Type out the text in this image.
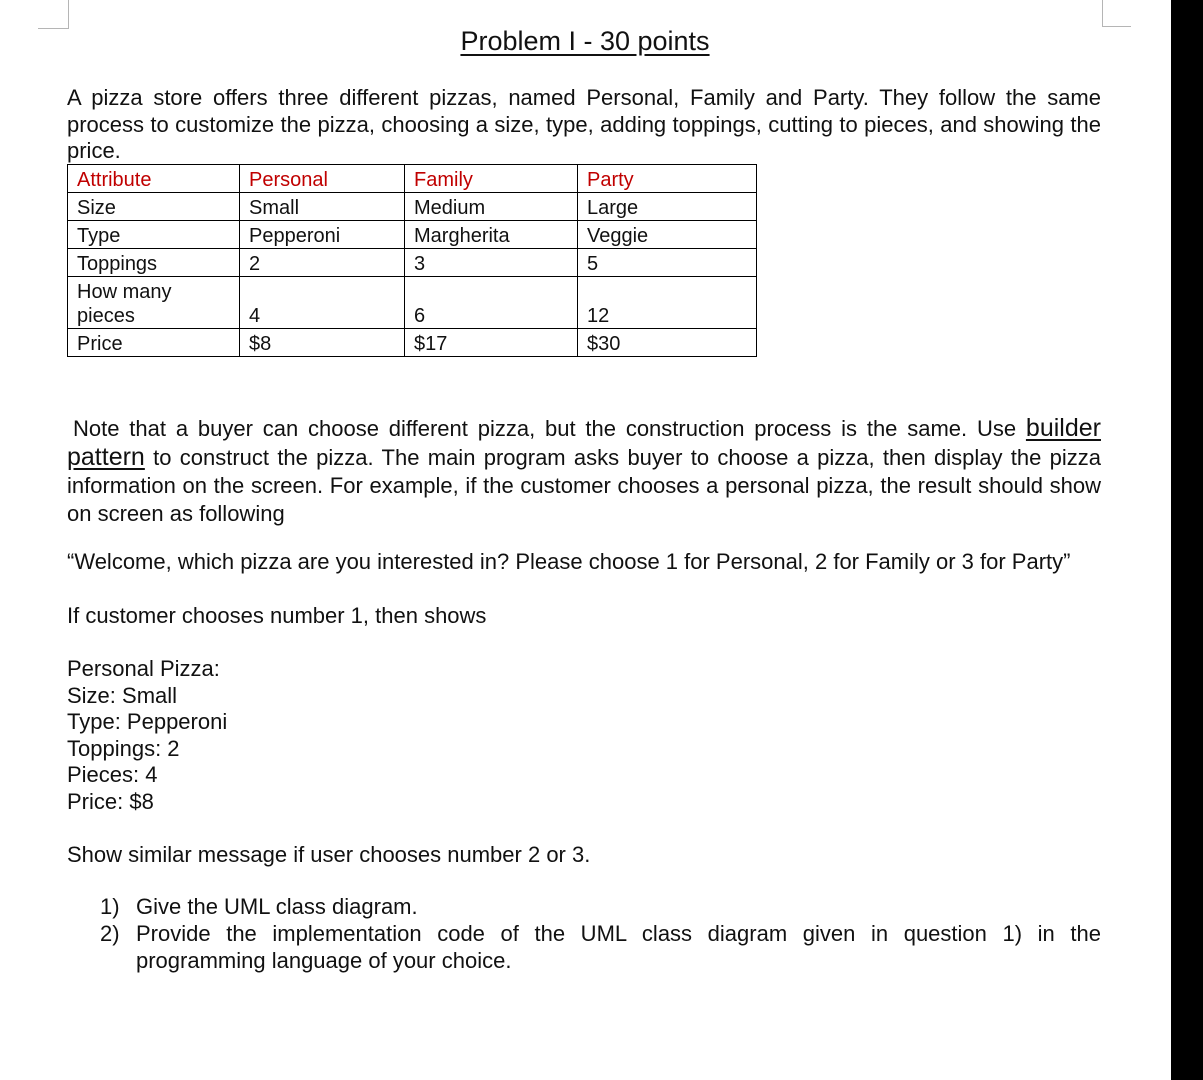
Problem I - 30 points

A pizza store offers three different pizzas, named Personal, Family and Party. They follow the same process to customize the pizza, choosing a size, type, adding toppings, cutting to pieces, and showing the price.

Attribute	Personal	Family	Party
Size	Small	Medium	Large
Type	Pepperoni	Margherita	Veggie
Toppings	2	3	5
How many pieces	4	6	12
Price	$8	$17	$30

Note that a buyer can choose different pizza, but the construction process is the same. Use builder pattern to construct the pizza. The main program asks buyer to choose a pizza, then display the pizza information on the screen. For example, if the customer chooses a personal pizza, the result should show on screen as following

“Welcome, which pizza are you interested in? Please choose 1 for Personal, 2 for Family or 3 for Party”

If customer chooses number 1, then shows
Personal Pizza:
Size: Small
Type: Pepperoni
Toppings: 2
Pieces: 4
Price: $8
Show similar message if user chooses number 2 or 3.
1) Give the UML class diagram.
2) Provide the implementation code of the UML class diagram given in question 1) in the programming language of your choice.
